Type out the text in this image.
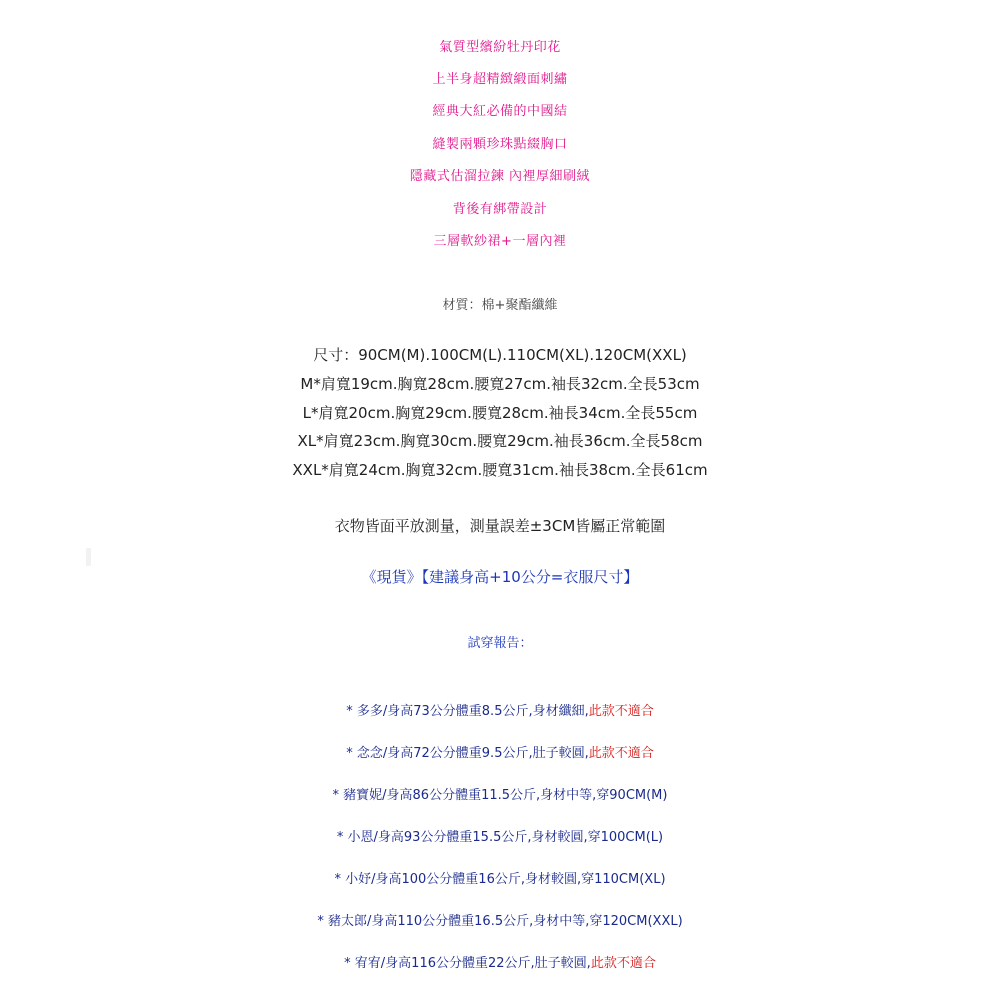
氣質型繽紛牡丹印花
上半身超精緻緞面刺繡
經典大紅必備的中國結
縫製兩顆珍珠點綴胸口
隱藏式估溜拉鍊 內裡厚細刷絨
背後有綁帶設計
三層軟紗裙+一層內裡
材質：棉+聚酯纖維
尺寸：90CM(M).100CM(L).110CM(XL).120CM(XXL)
M*肩寬19cm.胸寬28cm.腰寬27cm.袖長32cm.全長53cm
L*肩寬20cm.胸寬29cm.腰寬28cm.袖長34cm.全長55cm
XL*肩寬23cm.胸寬30cm.腰寬29cm.袖長36cm.全長58cm
XXL*肩寬24cm.胸寬32cm.腰寬31cm.袖長38cm.全長61cm
衣物皆面平放測量，測量誤差±3CM皆屬正常範圍
《現貨》【建議身高+10公分=衣服尺寸】
試穿報告：
* 多多/身高73公分體重8.5公斤,身材纖細,此款不適合
* 念念/身高72公分體重9.5公斤,肚子較圓,此款不適合
* 豬寶妮/身高86公分體重11.5公斤,身材中等,穿90CM(M)
* 小恩/身高93公分體重15.5公斤,身材較圓,穿100CM(L)
* 小妤/身高100公分體重16公斤,身材較圓,穿110CM(XL)
* 豬太郎/身高110公分體重16.5公斤,身材中等,穿120CM(XXL)
* 宥宥/身高116公分體重22公斤,肚子較圓,此款不適合
